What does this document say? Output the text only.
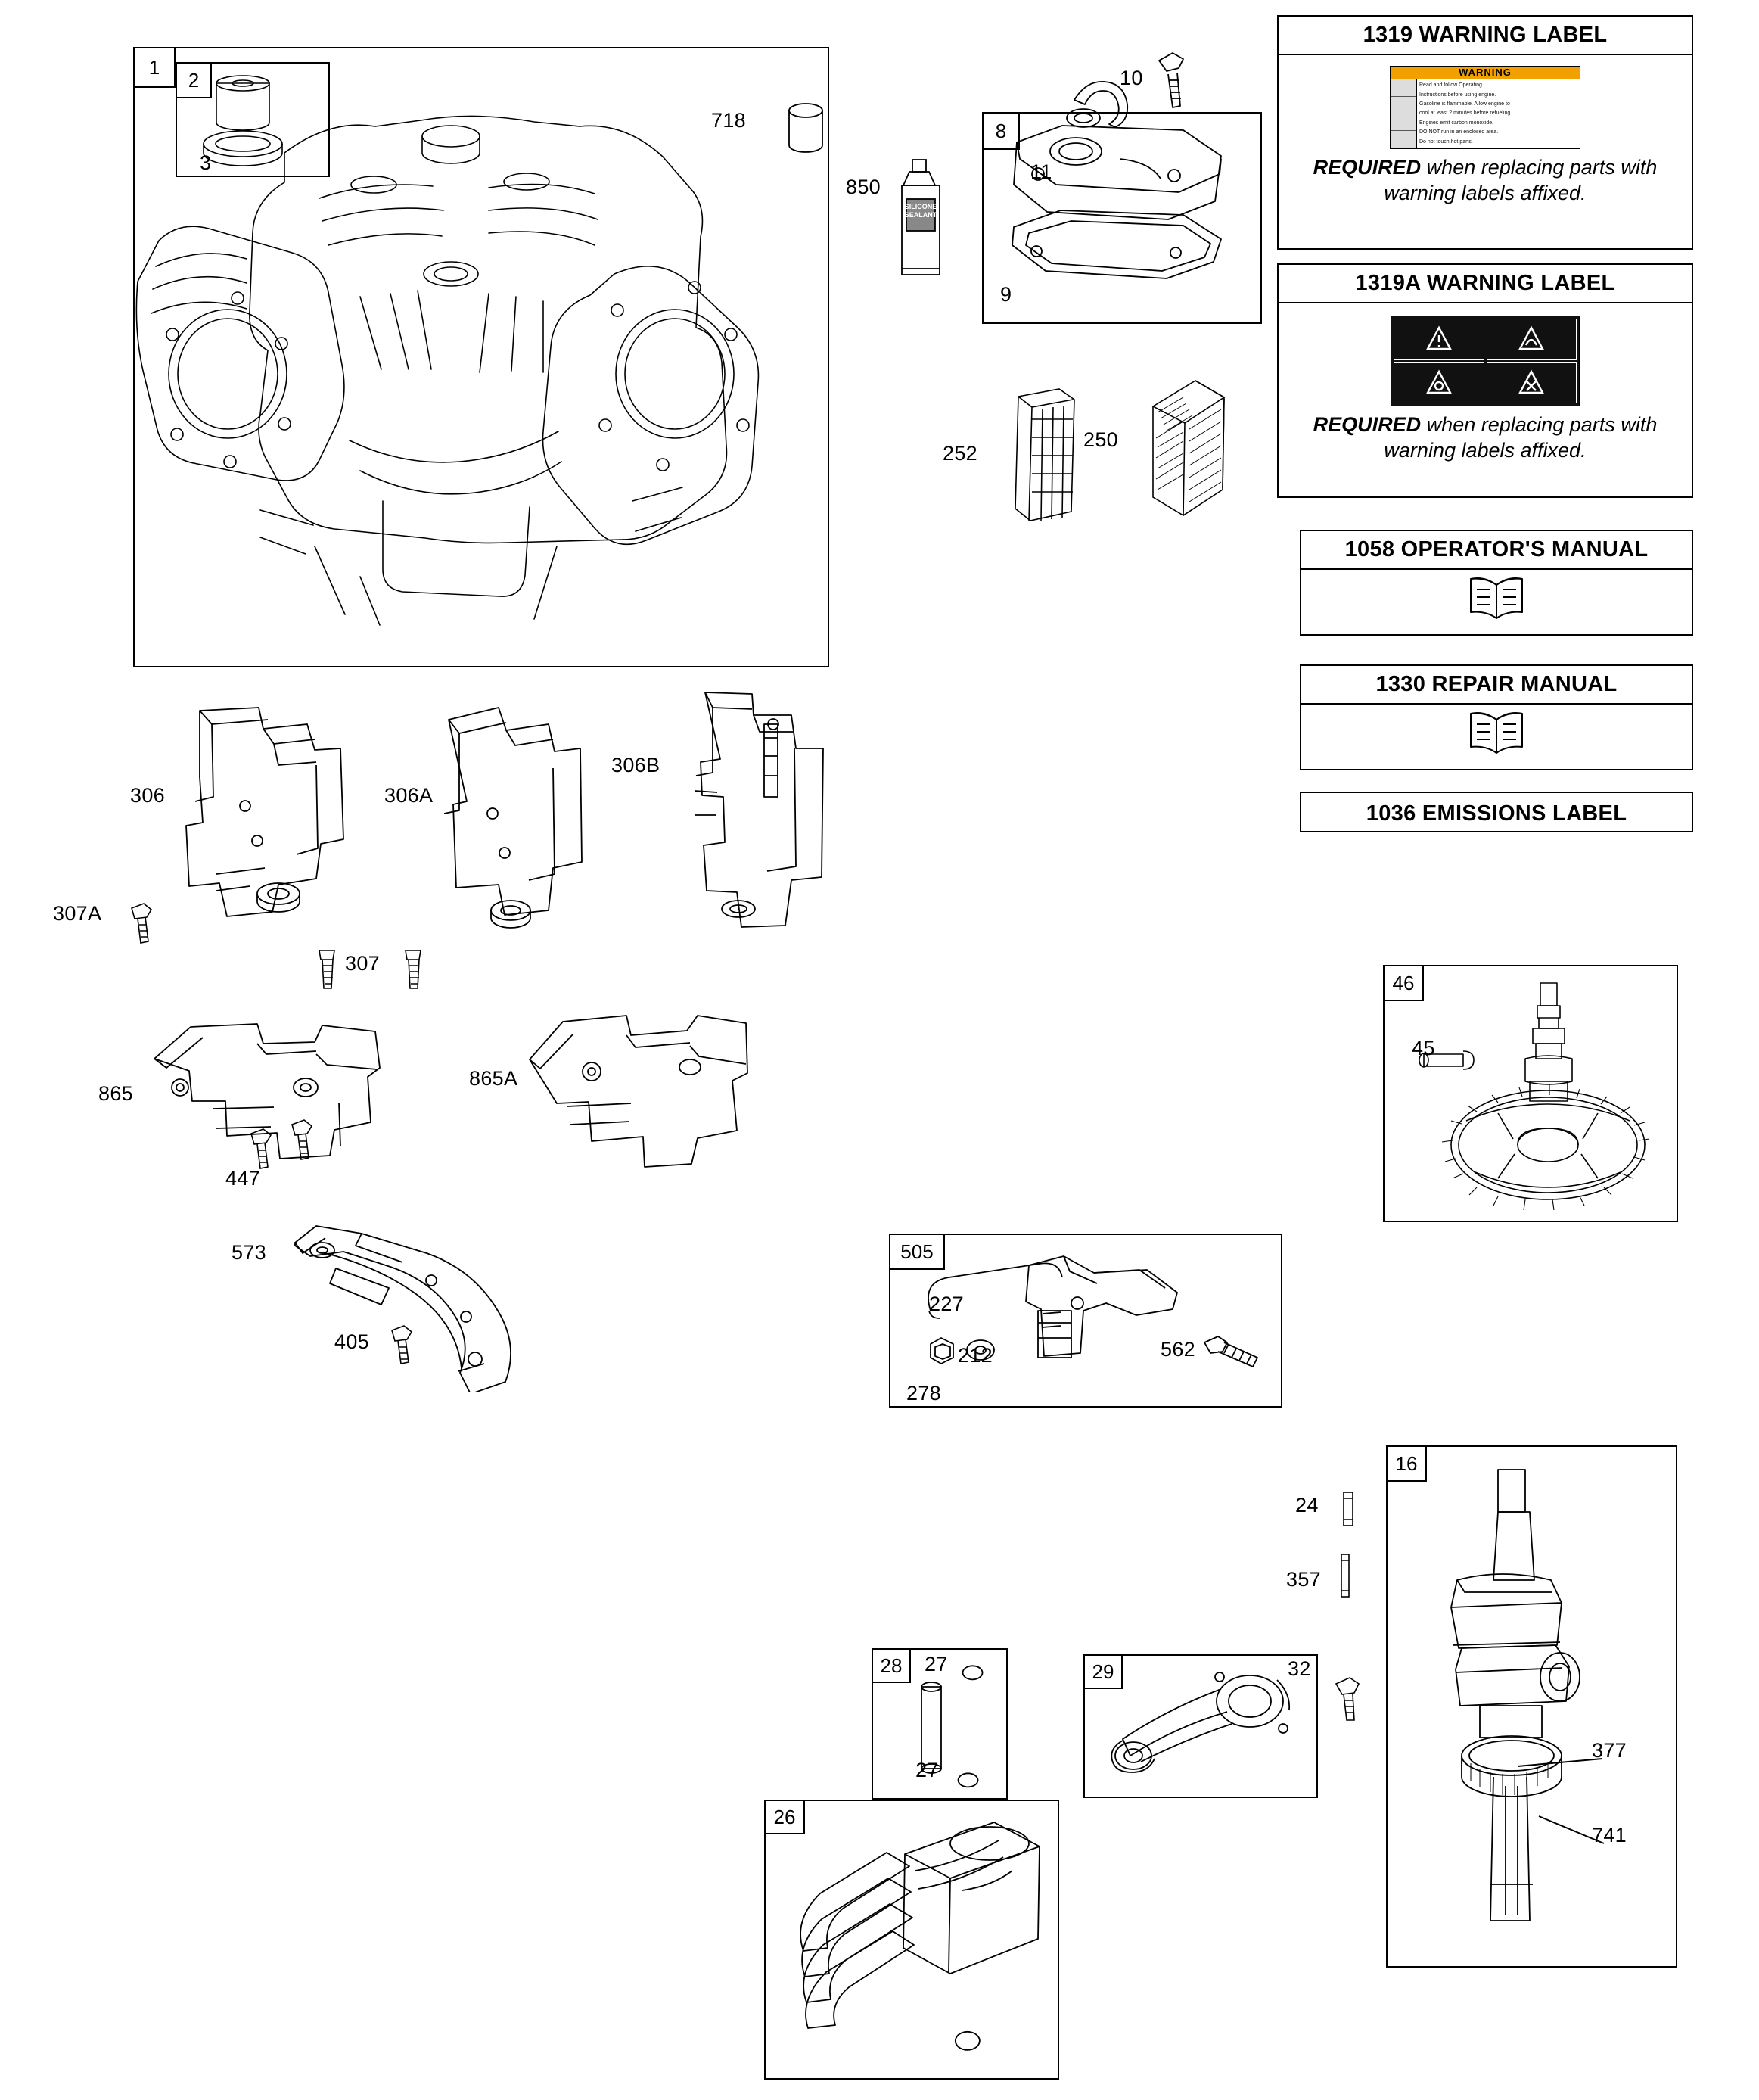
1
2
8
SILICONE
SEALANT
505
46
16
28	29
26
1319 WARNING LABEL
WARNING
Read and follow Operating
Instructions before using engine.
Gasoline is flammable. Allow engine to
cool at least 2 minutes before refueling.
Engines emit carbon monoxide,
DO NOT run in an enclosed area.
Do not touch hot parts.
REQUIRED when replacing parts with warning labels affixed.
1319A WARNING LABEL
REQUIRED when replacing parts with warning labels affixed.
1058 OPERATOR'S MANUAL
1330 REPAIR MANUAL
1036 EMISSIONS LABEL
3
718
10
11
9
850
252
250
306	306A
306B
307A
307
865
865A
447
573
405
227
212
278
562
45
24
357
377
741
27
27
32
